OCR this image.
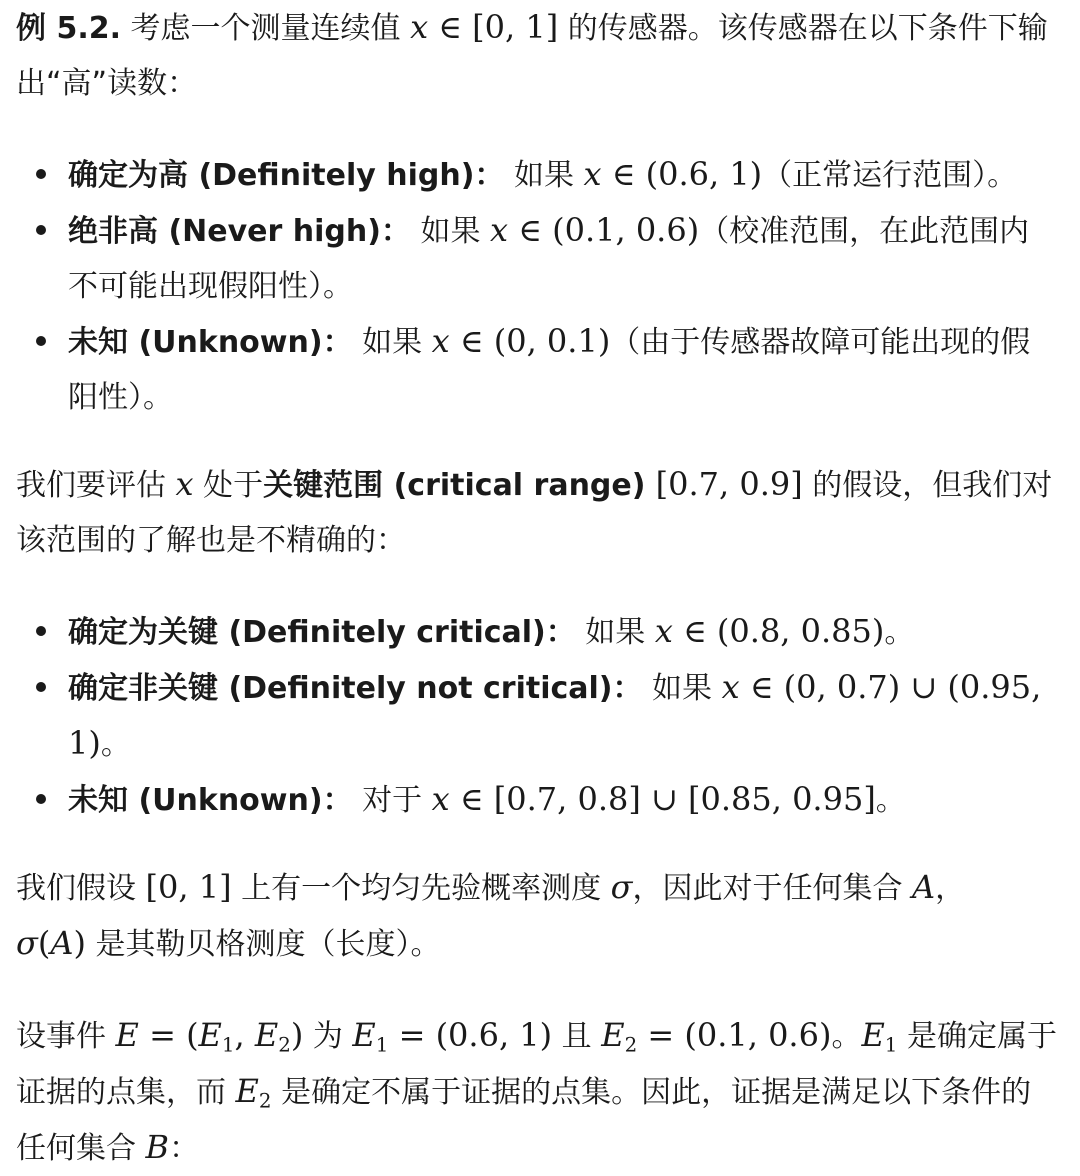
例 5.2. 考虑一个测量连续值 x ∈ [0, 1] 的传感器。该传感器在以下条件下输出“高”读数：

确定为高 (Definitely high)： 如果 x ∈ (0.6, 1)（正常运行范围）。
绝非高 (Never high)： 如果 x ∈ (0.1, 0.6)（校准范围，在此范围内不可能出现假阳性）。
未知 (Unknown)： 如果 x ∈ (0, 0.1)（由于传感器故障可能出现的假阳性）。

我们要评估 x 处于关键范围 (critical range) [0.7, 0.9] 的假设，但我们对该范围的了解也是不精确的：

确定为关键 (Definitely critical)： 如果 x ∈ (0.8, 0.85)。
确定非关键 (Definitely not critical)： 如果 x ∈ (0, 0.7) ∪ (0.95, 1)。
未知 (Unknown)： 对于 x ∈ [0.7, 0.8] ∪ [0.85, 0.95]。

我们假设 [0, 1] 上有一个均匀先验概率测度 σ，因此对于任何集合 A，
σ(A) 是其勒贝格测度（长度）。

设事件 $E = (E_1$, $E_2$) 为 $E_1 = (0.6$, 1) 且 $E_2 = (0.1$, 0.6)。$E_1$ 是确定属于证据的点集，而 $E_2$ 是确定不属于证据的点集。因此，证据是满足以下条件的任何集合 B：
